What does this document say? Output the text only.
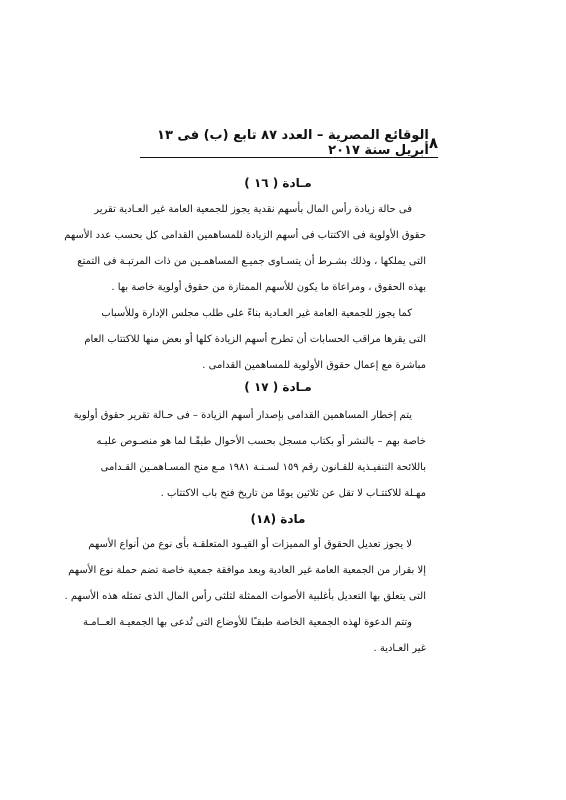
٨
الوقائع المصرية – العدد ٨٧ تابع (ب) فى ١٣ أبريل سنة ٢٠١٧
مـادة ( ١٦ )
فى حالة زيادة رأس المال بأسهم نقدية يجوز للجمعية العامة غير العـادية تقرير
حقوق الأولوية فى الاكتتاب فى أسهم الزيادة للمساهمين القدامى كل بحسب عدد الأسهم
التى يملكها ، وذلك بشـرط أن يتسـاوى جميـع المساهمـين من ذات المرتبـة فى التمتع
بهذه الحقوق ، ومراعاة ما يكون للأسهم الممتازة من حقوق أولوية خاصة بها .
كما يجوز للجمعية العامة غير العـادية بناءً على طلب مجلس الإدارة وللأسباب
التى يقرها مراقب الحسابات أن تطرح أسهم الزيادة كلها أو بعض منها للاكتتاب العام
مباشرة مع إعمال حقوق الأولوية للمساهمين القدامى .
مـادة ( ١٧ )
يتم إخطار المساهمين القدامى بإصدار أسهم الزيادة – فى حـالة تقرير حقوق أولوية
خاصة بهم – بالنشر أو بكتاب مسجل بحسب الأحوال طبقًـا لما هو منصـوص عليـه
باللائحة التنفيـذية للقـانون رقم ١٥٩ لسـنـة ١٩٨١ مـع منح المسـاهمـين القـدامى
مهـلة للاكتتـاب لا تقل عن ثلاثين يومًا من تاريخ فتح باب الاكتتاب .
مادة (١٨)
لا يجوز تعديل الحقوق أو المميزات أو القيـود المتعلقـة بأى نوع من أنواع الأسهم
إلا بقرار من الجمعية العامة غير العادية وبعد موافقة جمعية خاصة تضم حملة نوع الأسهم
التى يتعلق بها التعديل بأغلبية الأصوات الممثلة لثلثى رأس المال الذى تمثله هذه الأسهم .
وتتم الدعوة لهذه الجمعية الخاصة طبقـًا للأوضاع التى تُدعى بها الجمعيـة العــامـة
غير العـادية .
